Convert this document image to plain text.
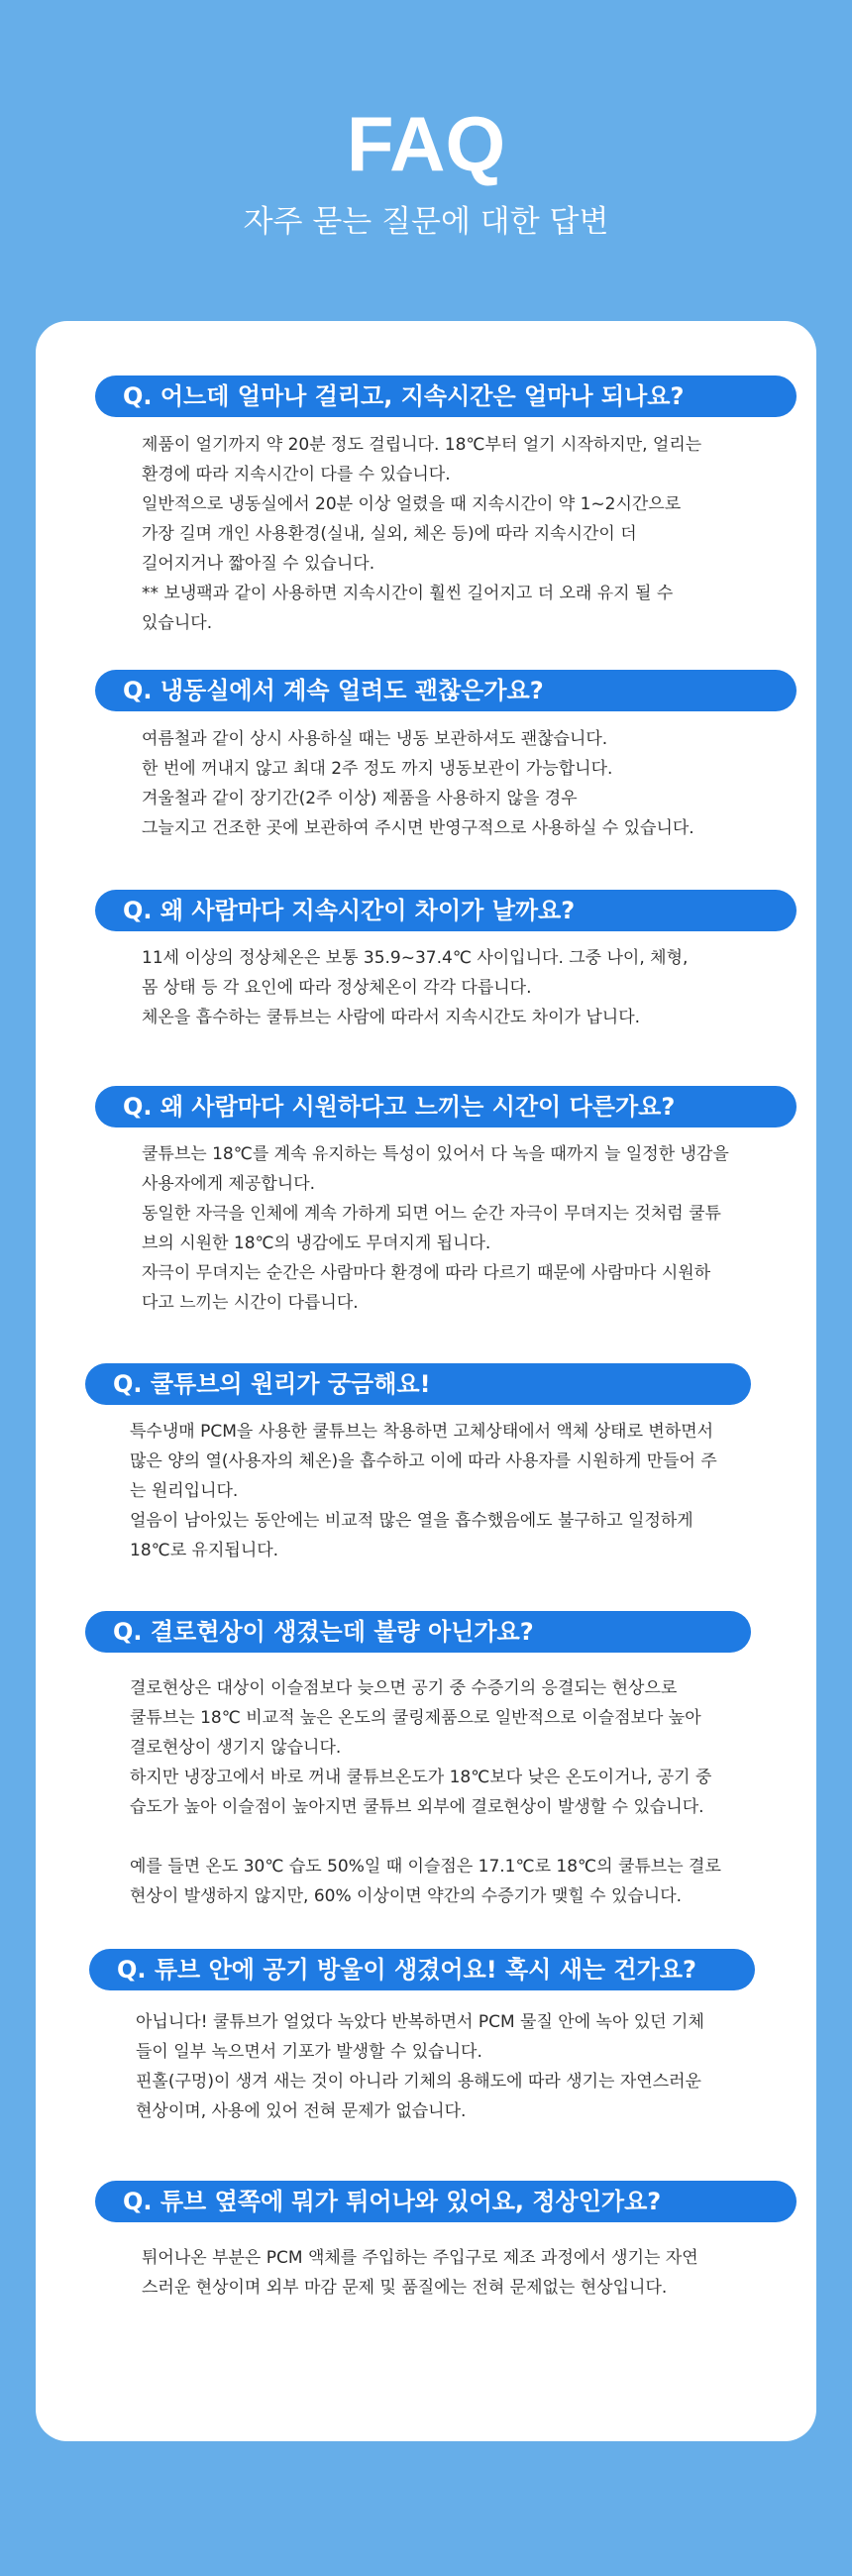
FAQ

자주 묻는 질문에 대한 답변

Q. 어느데 얼마나 걸리고, 지속시간은 얼마나 되나요?
제품이 얼기까지 약 20분 정도 걸립니다. 18℃부터 얼기 시작하지만, 얼리는
환경에 따라 지속시간이 다를 수 있습니다.
일반적으로 냉동실에서 20분 이상 얼렸을 때 지속시간이 약 1~2시간으로
가장 길며 개인 사용환경(실내, 실외, 체온 등)에 따라 지속시간이 더
길어지거나 짧아질 수 있습니다.
** 보냉팩과 같이 사용하면 지속시간이 훨씬 길어지고 더 오래 유지 될 수
있습니다.
Q. 냉동실에서 계속 얼려도 괜찮은가요?
여름철과 같이 상시 사용하실 때는 냉동 보관하셔도 괜찮습니다.
한 번에 꺼내지 않고 최대 2주 정도 까지 냉동보관이 가능합니다.
겨울철과 같이 장기간(2주 이상) 제품을 사용하지 않을 경우
그늘지고 건조한 곳에 보관하여 주시면 반영구적으로 사용하실 수 있습니다.
Q. 왜 사람마다 지속시간이 차이가 날까요?
11세 이상의 정상체온은 보통 35.9~37.4℃ 사이입니다. 그중 나이, 체형,
몸 상태 등 각 요인에 따라 정상체온이 각각 다릅니다.
체온을 흡수하는 쿨튜브는 사람에 따라서 지속시간도 차이가 납니다.
Q. 왜 사람마다 시원하다고 느끼는 시간이 다른가요?
쿨튜브는 18℃를 계속 유지하는 특성이 있어서 다 녹을 때까지 늘 일정한 냉감을
사용자에게 제공합니다.
동일한 자극을 인체에 계속 가하게 되면 어느 순간 자극이 무뎌지는 것처럼 쿨튜
브의 시원한 18℃의 냉감에도 무뎌지게 됩니다.
자극이 무뎌지는 순간은 사람마다 환경에 따라 다르기 때문에 사람마다 시원하
다고 느끼는 시간이 다릅니다.
Q. 쿨튜브의 원리가 궁금해요!
특수냉매 PCM을 사용한 쿨튜브는 착용하면 고체상태에서 액체 상태로 변하면서
많은 양의 열(사용자의 체온)을 흡수하고 이에 따라 사용자를 시원하게 만들어 주
는 원리입니다.
얼음이 남아있는 동안에는 비교적 많은 열을 흡수했음에도 불구하고 일정하게
18℃로 유지됩니다.
Q. 결로현상이 생겼는데 불량 아닌가요?
결로현상은 대상이 이슬점보다 늦으면 공기 중 수증기의 응결되는 현상으로
쿨튜브는 18℃ 비교적 높은 온도의 쿨링제품으로 일반적으로 이슬점보다 높아
결로현상이 생기지 않습니다.
하지만 냉장고에서 바로 꺼내 쿨튜브온도가 18℃보다 낮은 온도이거나, 공기 중
습도가 높아 이슬점이 높아지면 쿨튜브 외부에 결로현상이 발생할 수 있습니다.
예를 들면 온도 30℃ 습도 50%일 때 이슬점은 17.1℃로 18℃의 쿨튜브는 결로
현상이 발생하지 않지만, 60% 이상이면 약간의 수증기가 맺힐 수 있습니다.
Q. 튜브 안에 공기 방울이 생겼어요! 혹시 새는 건가요?
아닙니다! 쿨튜브가 얼었다 녹았다 반복하면서 PCM 물질 안에 녹아 있던 기체
들이 일부 녹으면서 기포가 발생할 수 있습니다.
핀홀(구멍)이 생겨 새는 것이 아니라 기체의 용해도에 따라 생기는 자연스러운
현상이며, 사용에 있어 전혀 문제가 없습니다.
Q. 튜브 옆쪽에 뭐가 튀어나와 있어요, 정상인가요?
튀어나온 부분은 PCM 액체를 주입하는 주입구로 제조 과정에서 생기는 자연
스러운 현상이며 외부 마감 문제 및 품질에는 전혀 문제없는 현상입니다.
